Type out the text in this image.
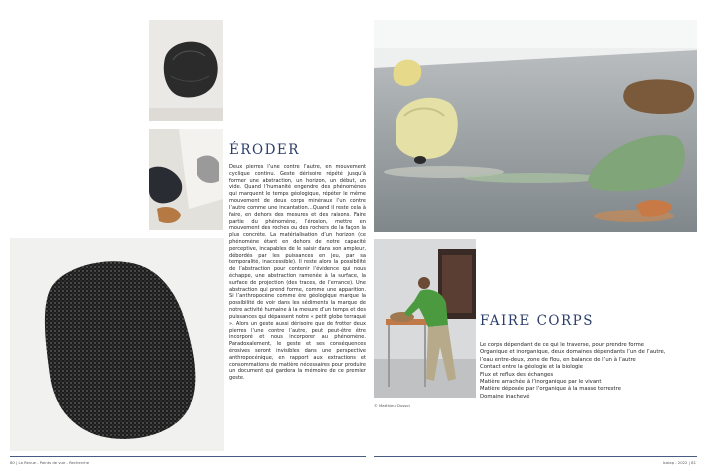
ÉRODER

Deux pierres l’une contre l’autre, en mouvement cyclique continu. Geste dérisoire répété jusqu’à former une abstraction, un horizon, un début, un vide. Quand l’humanité engendre des phénomènes qui marquent le temps géologique, répéter le même mouvement de deux corps minéraux l’un contre l’autre comme une incantation…Quand il reste cela à faire, en dehors des mesures et des raisons. Faire partie du phénomène, l’érosion, mettre en mouvement des roches ou des rochers de la façon la plus concrète. La matérialisation d’un horizon (ce phénomène étant en dehors de notre capacité perceptive, incapables de le saisir dans son ampleur, débordés par les puissances en jeu, par sa temporalité, inaccessible). Il reste alors la possibilité de l’abstraction pour contenir l’évidence qui nous échappe, une abstraction ramenée à la surface, la surface de projection (des traces, de l’errance). Une abstraction qui prend forme, comme une apparition. Si l’anthropocène comme ère géologique marque la possibilité de voir dans les sédiments la marque de notre activité humaine à la mesure d’un temps et des puissances qui dépassent notre « petit globe terraqué ». Alors un geste aussi dérisoire que de frotter deux pierres l’une contre l’autre, peut peut-être être incorporé et nous incorporer au phénomène. Paradoxalement, le geste et ses conséquences érosives seront invisibles dans une perspective anthropocénique, en rapport aux extractions et consommations de matière nécessaires pour produire un document qui gardera la mémoire de ce premier geste.

80 | La Revue - Points de vue - Recherche
© Matthieu Dussol
FAIRE CORPS
Le corps dépendant de ce qui le traverse, pour prendre forme
Organique et inorganique, deux domaines dépendants l’un de l’autre,
l’eau entre-deux, zone de flou, en balance de l’un à l’autre
Contact entre la géologie et la biologie
Flux et reflux des échanges
Matière arrachée à l’inorganique par le vivant
Matière déposée par l’organique à la masse terrestre
Domaine inachevé
Icolap - 2022 | 81
